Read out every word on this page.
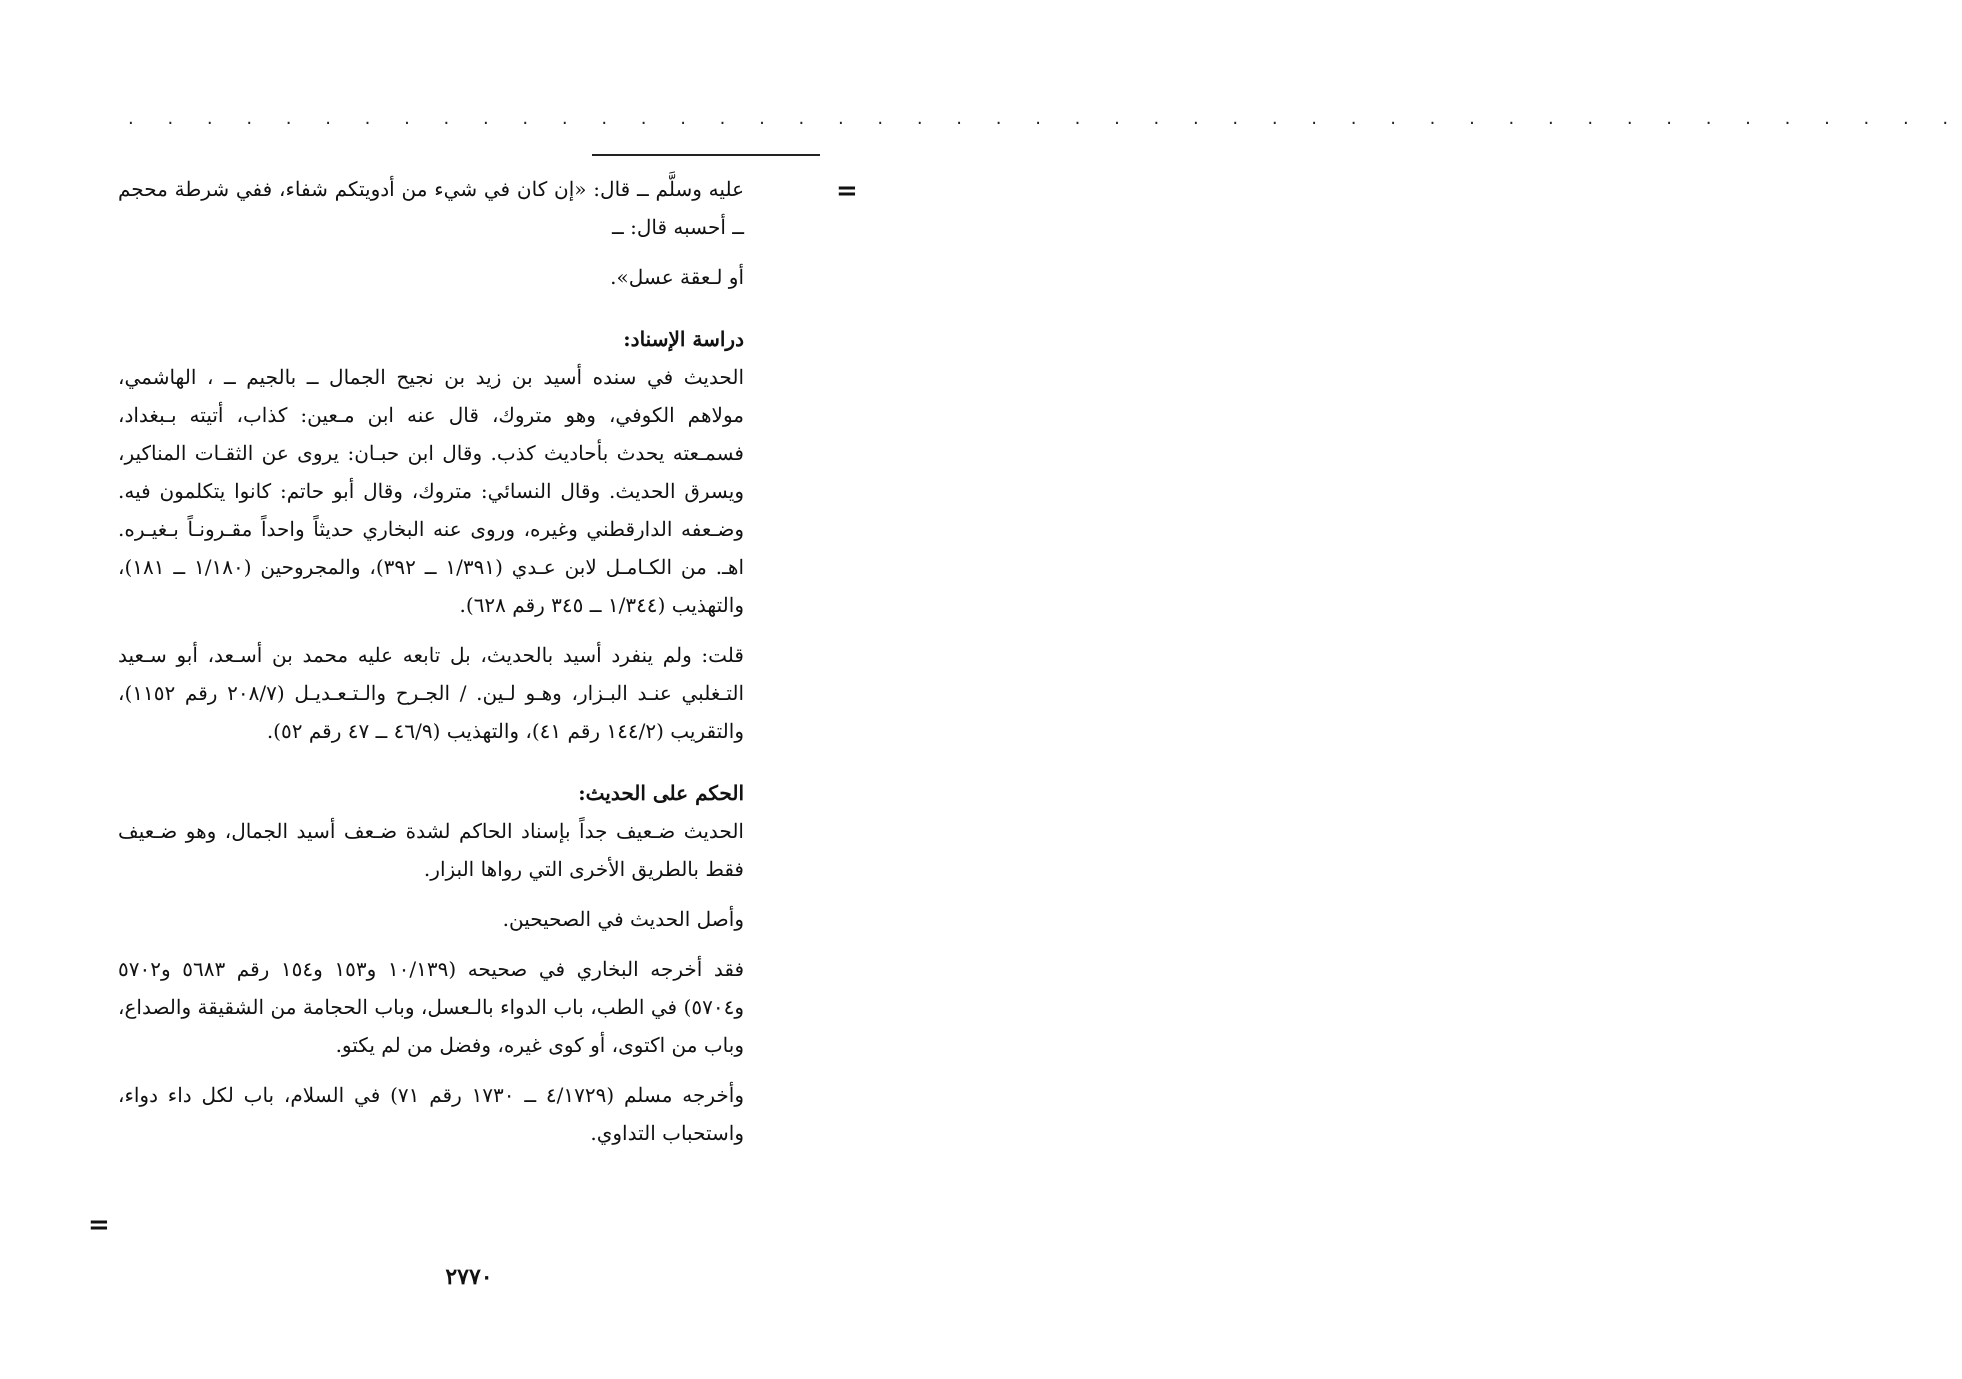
. . . . . . . . . . . . . . . . . . . . . . . . . . . . . . . . . . . . . . . . . . . . . . .
=
=

عليه وسلَّم ــ قال: «إن كان في شيء من أدويتكم شفاء، ففي شرطة محجم ــ أحسبه قال: ــ

أو لـعقة عسل».

دراسة الإسناد:

الحديث في سنده أسيد بن زيد بن نجيح الجمال ــ بالجيم ــ ، الهاشمي، مولاهم الكوفي، وهو متروك، قال عنه ابن مـعين: كذاب، أتيته بـبغداد، فسمـعته يحدث بأحاديث كذب. وقال ابن حبـان: يروى عن الثقـات المناكير، ويسرق الحديث. وقال النسائي: متروك، وقال أبو حاتم: كانوا يتكلمون فيه. وضـعفه الدارقطني وغيره، وروى عنه البخاري حديثاً واحداً مقـرونـاً بـغيـره. اهـ. من الكـامـل لابن عـدي (١/٣٩١ ــ ٣٩٢)، والمجروحين (١/١٨٠ ــ ١٨١)، والتهذيب (١/٣٤٤ ــ ٣٤٥ رقم ٦٢٨).

قلت: ولم ينفرد أسيد بالحديث، بل تابعه عليه محمد بن أسـعد، أبو سـعيد التـغلبي عنـد البـزار، وهـو لـين. / الجـرح والـتـعـديـل (٢٠٨/٧ رقم ١١٥٢)، والتقريب (١٤٤/٢ رقم ٤١)، والتهذيب (٤٦/٩ ــ ٤٧ رقم ٥٢).

الحكم على الحديث:

الحديث ضـعيف جداً بإسناد الحاكم لشدة ضـعف أسيد الجمال، وهو ضـعيف فقط بالطريق الأخرى التي رواها البزار.

وأصل الحديث في الصحيحين.

فقد أخرجه البخاري في صحيحه (١٠/١٣٩ و١٥٣ و١٥٤ رقم ٥٦٨٣ و٥٧٠٢ و٥٧٠٤) في الطب، باب الدواء بالـعسل، وباب الحجامة من الشقيقة والصداع، وباب من اكتوى، أو كوى غيره، وفضل من لم يكتو.

وأخرجه مسلم (٤/١٧٢٩ ــ ١٧٣٠ رقم ٧١) في السلام، باب لكل داء دواء، واستحباب التداوي.

٢٧٧٠
